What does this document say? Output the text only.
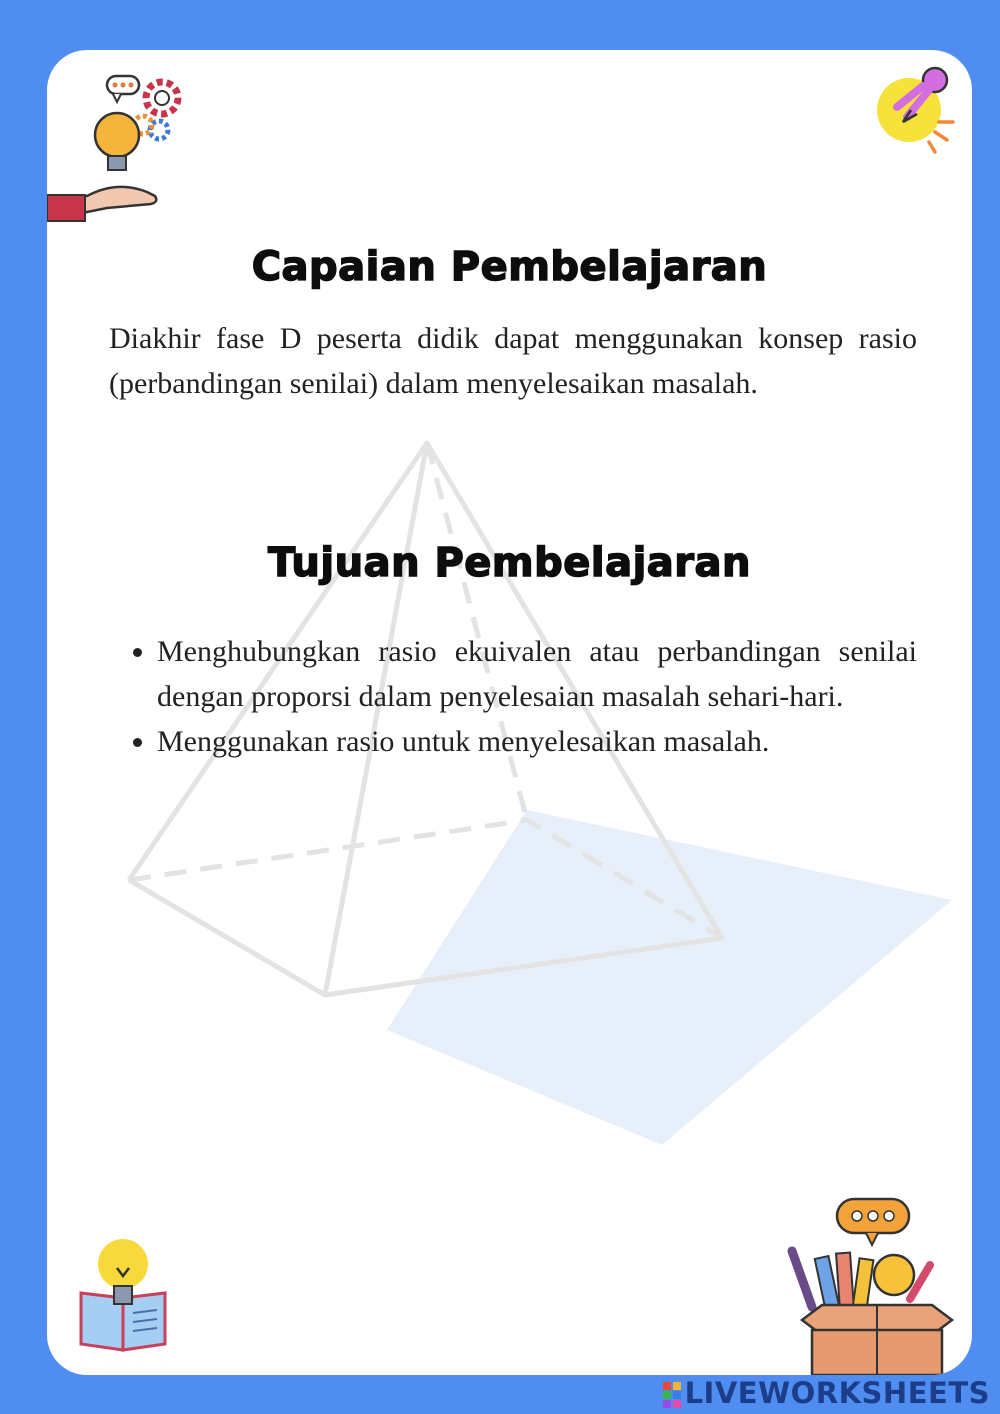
Capaian Pembelajaran

Diakhir fase D peserta didik dapat menggunakan konsep rasio (perbandingan senilai) dalam menyelesaikan masalah.

Tujuan Pembelajaran
• Menghubungkan rasio ekuivalen atau perbandingan senilai dengan proporsi dalam penyelesaian masalah sehari-hari.
• Menggunakan rasio untuk menyelesaikan masalah.
LIVEWORKSHEETS
